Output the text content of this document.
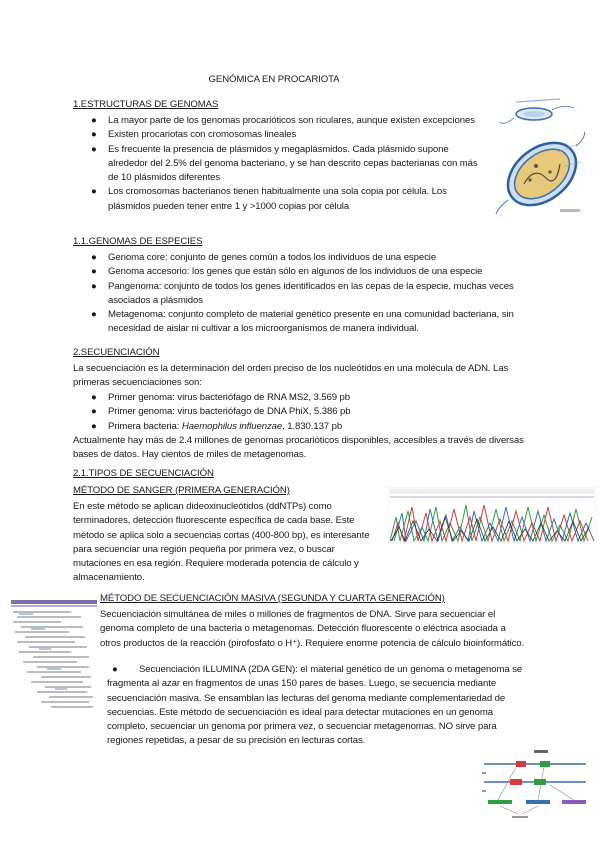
GENÓMICA EN PROCARIOTA
1.ESTRUCTURAS DE GENOMAS
● La mayor parte de los genomas procarióticos son riculares, aunque existen excepciones
● Existen procariotas con cromosomas lineales
● Es frecuente la presencia de plásmidos y megaplásmidos. Cada plásmido supone alrededor del 2.5% del genoma bacteriano, y se han descrito cepas bacterianas con más de 10 plásmidos diferentes
● Los cromosomas bacterianos tienen habitualmente una sola copia por célula. Los plásmidos pueden tener entre 1 y >1000 copias por célula
1.1.GENOMAS DE ESPECIES
● Genoma core: conjunto de genes común a todos los individuos de una especie
● Genoma accesorio: los genes que están sólo en algunos de los individuos de una especie
● Pangenoma: conjunto de todos los genes identificados en las cepas de la especie, muchas veces asociados a plásmidos
● Metagenoma: conjunto completo de material genético presente en una comunidad bacteriana, sin necesidad de aislar ni cultivar a los microorganismos de manera individual.
2.SECUENCIACIÓN

La secuenciación es la determinación del orden preciso de los nucleótidos en una molécula de ADN. Las primeras secuenciaciones son:

● Primer genoma: virus bacteriófago de RNA MS2, 3.569 pb
● Primer genoma: virus bacteriófago de DNA PhiX, 5.386 pb
● Primera bacteria: Haemophilus influenzae, 1.830.137 pb

Actualmente hay más de 2.4 millones de genomas procarióticos disponibles, accesibles a través de diversas bases de datos. Hay cientos de miles de metagenomas.

2.1.TIPOS DE SECUENCIACIÓN
MÉTODO DE SANGER (PRIMERA GENERACIÓN)

En este método se aplican dideoxinucleótidos (ddNTPs) como terminadores, detección fluorescente específica de cada base. Este método se aplica solo a secuencias cortas (400-800 bp), es interesante para secuenciar una región pequeña por primera vez, o buscar mutaciones en esa región. Requiere moderada potencia de cálculo y almacenamiento.

MÉTODO DE SECUENCIACIÓN MASIVA (SEGUNDA Y CUARTA GENERACIÓN)

Secuenciación simultánea de miles o millones de fragmentos de DNA. Sirve para secuenciar el genoma completo de una bacteria o metagenomas. Detección fluorescente o eléctrica asociada a otros productos de la reacción (pirofosfato o H⁺). Requiere enorme potencia de cálculo bioinformático.

●	Secuenciación ILLUMINA (2DA GEN): el material genético de un genoma o metagenoma se fragmenta al azar en fragmentos de unas 150 pares de bases. Luego, se secuencia mediante secuenciación masiva. Se ensamblan las lecturas del genoma mediante complementariedad de secuencias. Este método de secuenciación es ideal para detectar mutaciones en un genoma completo, secuenciar un genoma por primera vez, o secuenciar metagenomas. NO sirve para regiones repetidas, a pesar de su precisión en lecturas cortas.
